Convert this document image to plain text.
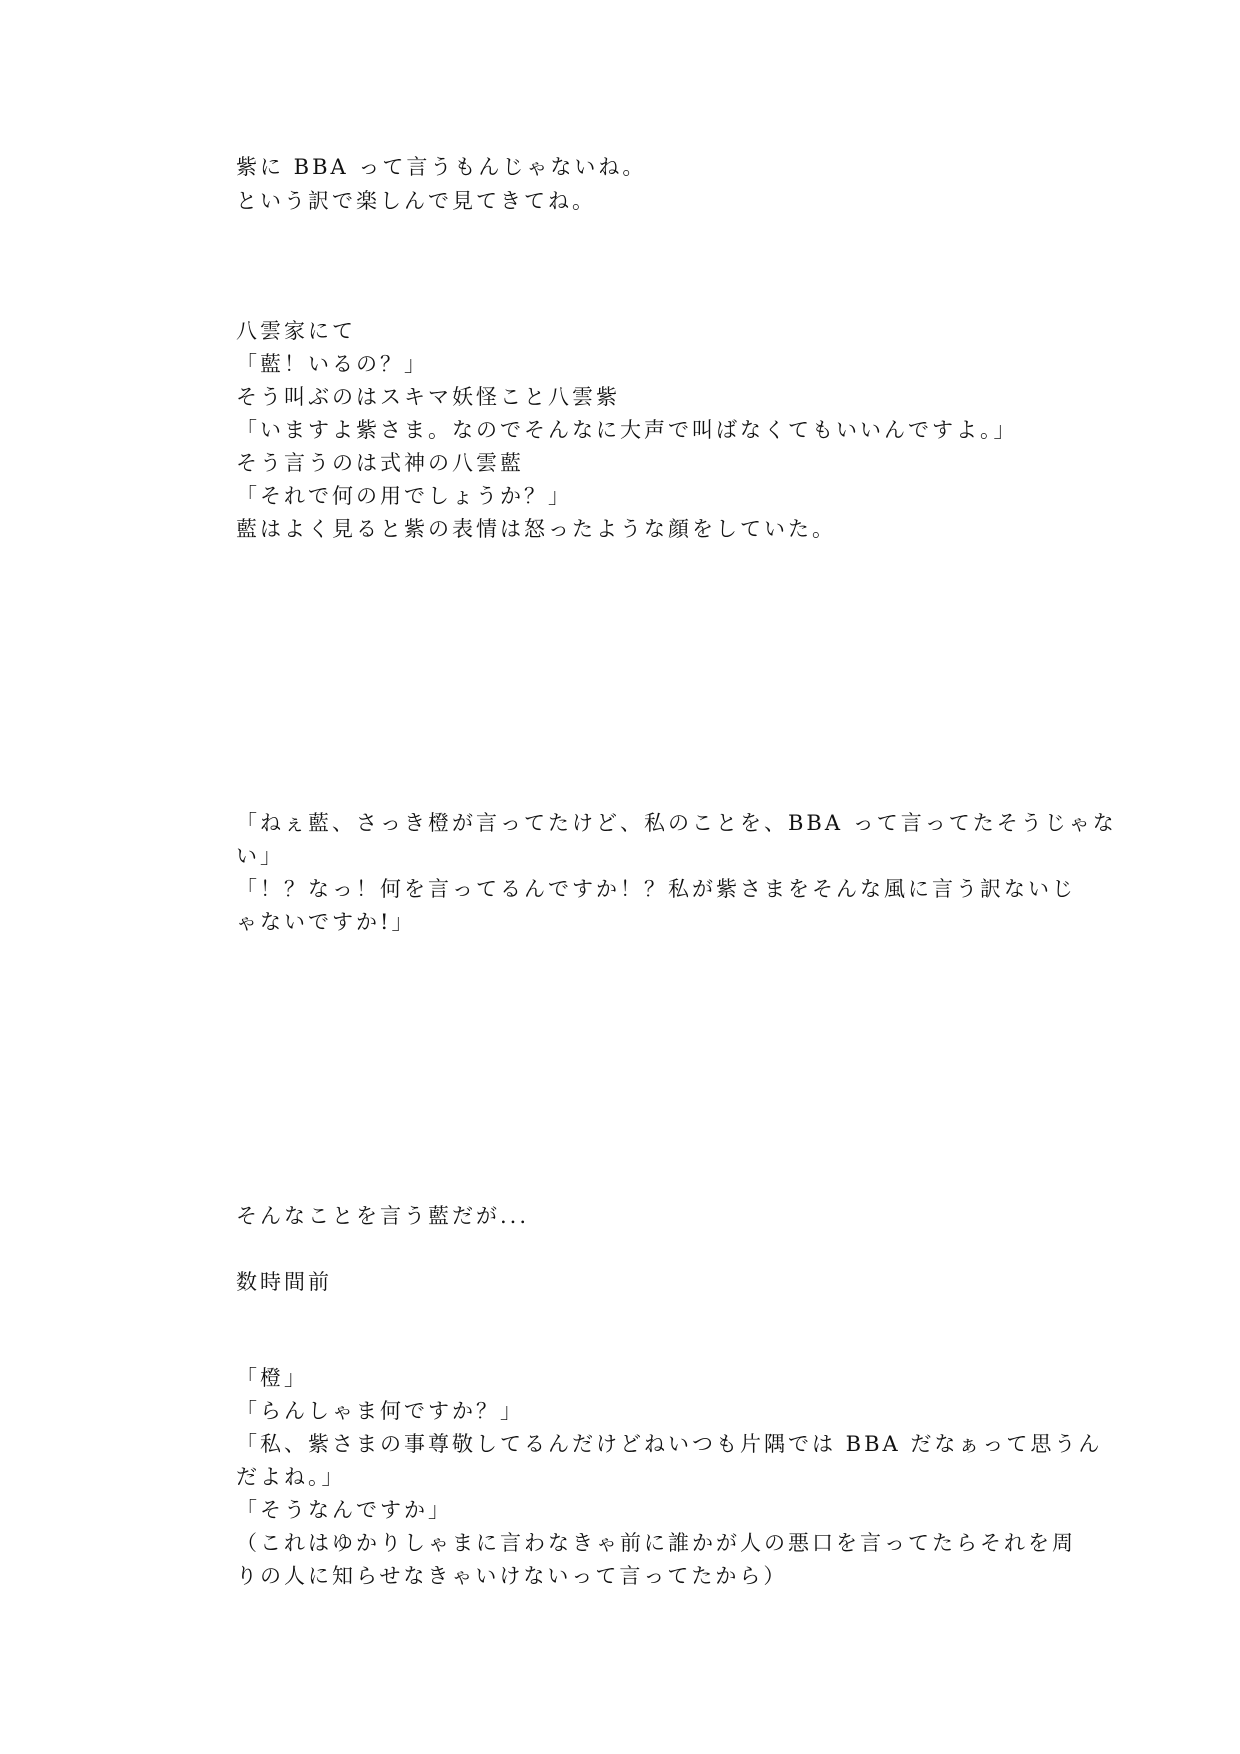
紫に BBA って言うもんじゃないね。
という訳で楽しんで見てきてね。
八雲家にて
「藍！いるの？」
そう叫ぶのはスキマ妖怪こと八雲紫
「いますよ紫さま。なのでそんなに大声で叫ばなくてもいいんですよ。」
そう言うのは式神の八雲藍
「それで何の用でしょうか？」
藍はよく見ると紫の表情は怒ったような顔をしていた。
「ねぇ藍、さっき橙が言ってたけど、私のことを、BBA って言ってたそうじゃな
い」
「！？なっ！何を言ってるんですか！？私が紫さまをそんな風に言う訳ないじ
ゃないですか!」
そんなことを言う藍だが...
数時間前
「橙」
「らんしゃま何ですか？」
「私、紫さまの事尊敬してるんだけどねいつも片隅では BBA だなぁって思うん
だよね。」
「そうなんですか」
（これはゆかりしゃまに言わなきゃ前に誰かが人の悪口を言ってたらそれを周
りの人に知らせなきゃいけないって言ってたから）
